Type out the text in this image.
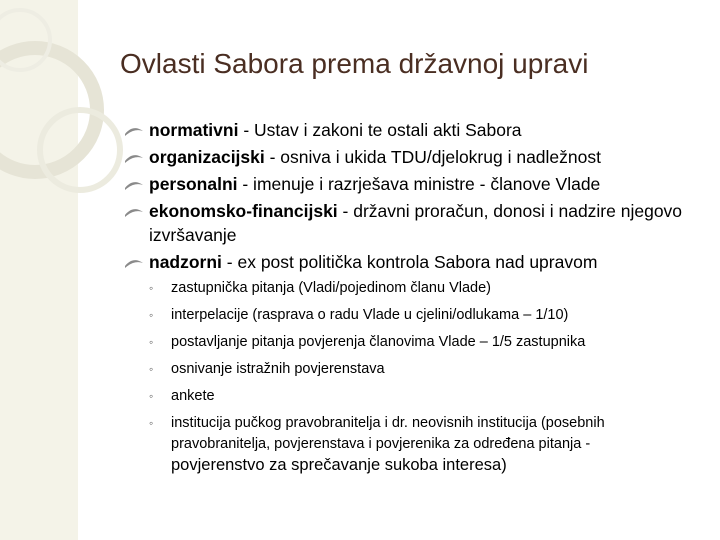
Ovlasti Sabora prema državnoj upravi
normativni - Ustav i zakoni te ostali akti Sabora
organizacijski - osniva i ukida TDU/djelokrug i nadležnost
personalni - imenuje i razrješava ministre - članove Vlade
ekonomsko-financijski - državni proračun, donosi i nadzire njegovo izvršavanje
nadzorni - ex post politička kontrola Sabora nad upravom
◦ zastupnička pitanja (Vladi/pojedinom članu Vlade)
◦ interpelacije (rasprava o radu Vlade u cjelini/odlukama – 1/10)
◦ postavljanje pitanja povjerenja članovima Vlade – 1/5 zastupnika
◦ osnivanje istražnih povjerenstava
◦ ankete
◦ institucija pučkog pravobranitelja i dr. neovisnih institucija (posebnih pravobranitelja, povjerenstava i povjerenika za određena pitanja - povjerenstvo za sprečavanje sukoba interesa)
